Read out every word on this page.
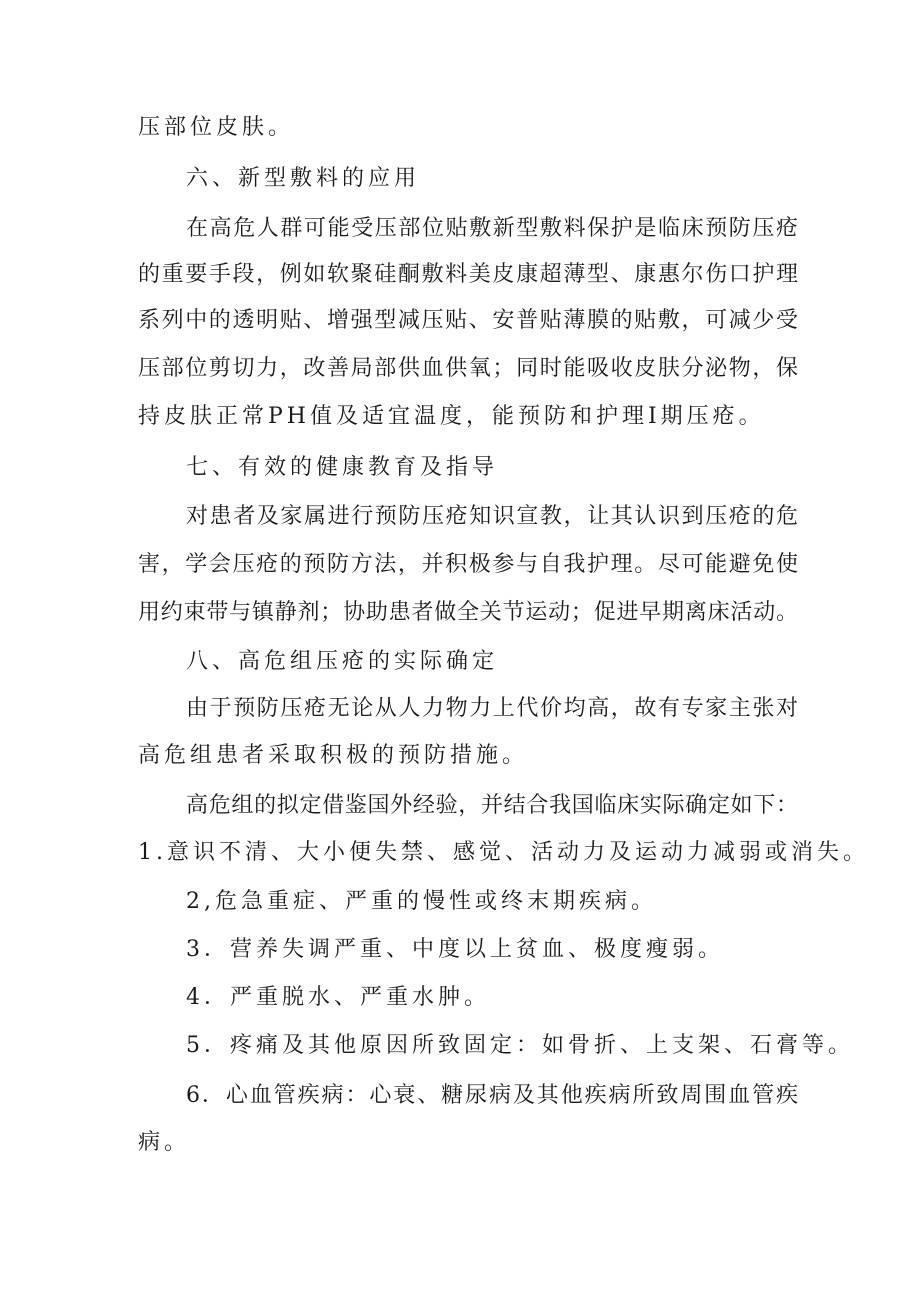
压部位皮肤。
六、新型敷料的应用
在高危人群可能受压部位贴敷新型敷料保护是临床预防压疮
的重要手段，例如软聚硅酮敷料美皮康超薄型、康惠尔伤口护理
系列中的透明贴、增强型减压贴、安普贴薄膜的贴敷，可减少受
压部位剪切力，改善局部供血供氧；同时能吸收皮肤分泌物，保
持皮肤正常PH值及适宜温度，能预防和护理Ⅰ期压疮。
七、有效的健康教育及指导
对患者及家属进行预防压疮知识宣教，让其认识到压疮的危
害，学会压疮的预防方法，并积极参与自我护理。尽可能避免使
用约束带与镇静剂；协助患者做全关节运动；促进早期离床活动。
八、高危组压疮的实际确定
由于预防压疮无论从人力物力上代价均高，故有专家主张对
高危组患者采取积极的预防措施。
高危组的拟定借鉴国外经验，并结合我国临床实际确定如下：
1.意识不清、大小便失禁、感觉、活动力及运动力减弱或消失。
2,危急重症、严重的慢性或终末期疾病。
3．营养失调严重、中度以上贫血、极度瘦弱。
4．严重脱水、严重水肿。
5．疼痛及其他原因所致固定：如骨折、上支架、石膏等。
6．心血管疾病：心衰、糖尿病及其他疾病所致周围血管疾
病。
